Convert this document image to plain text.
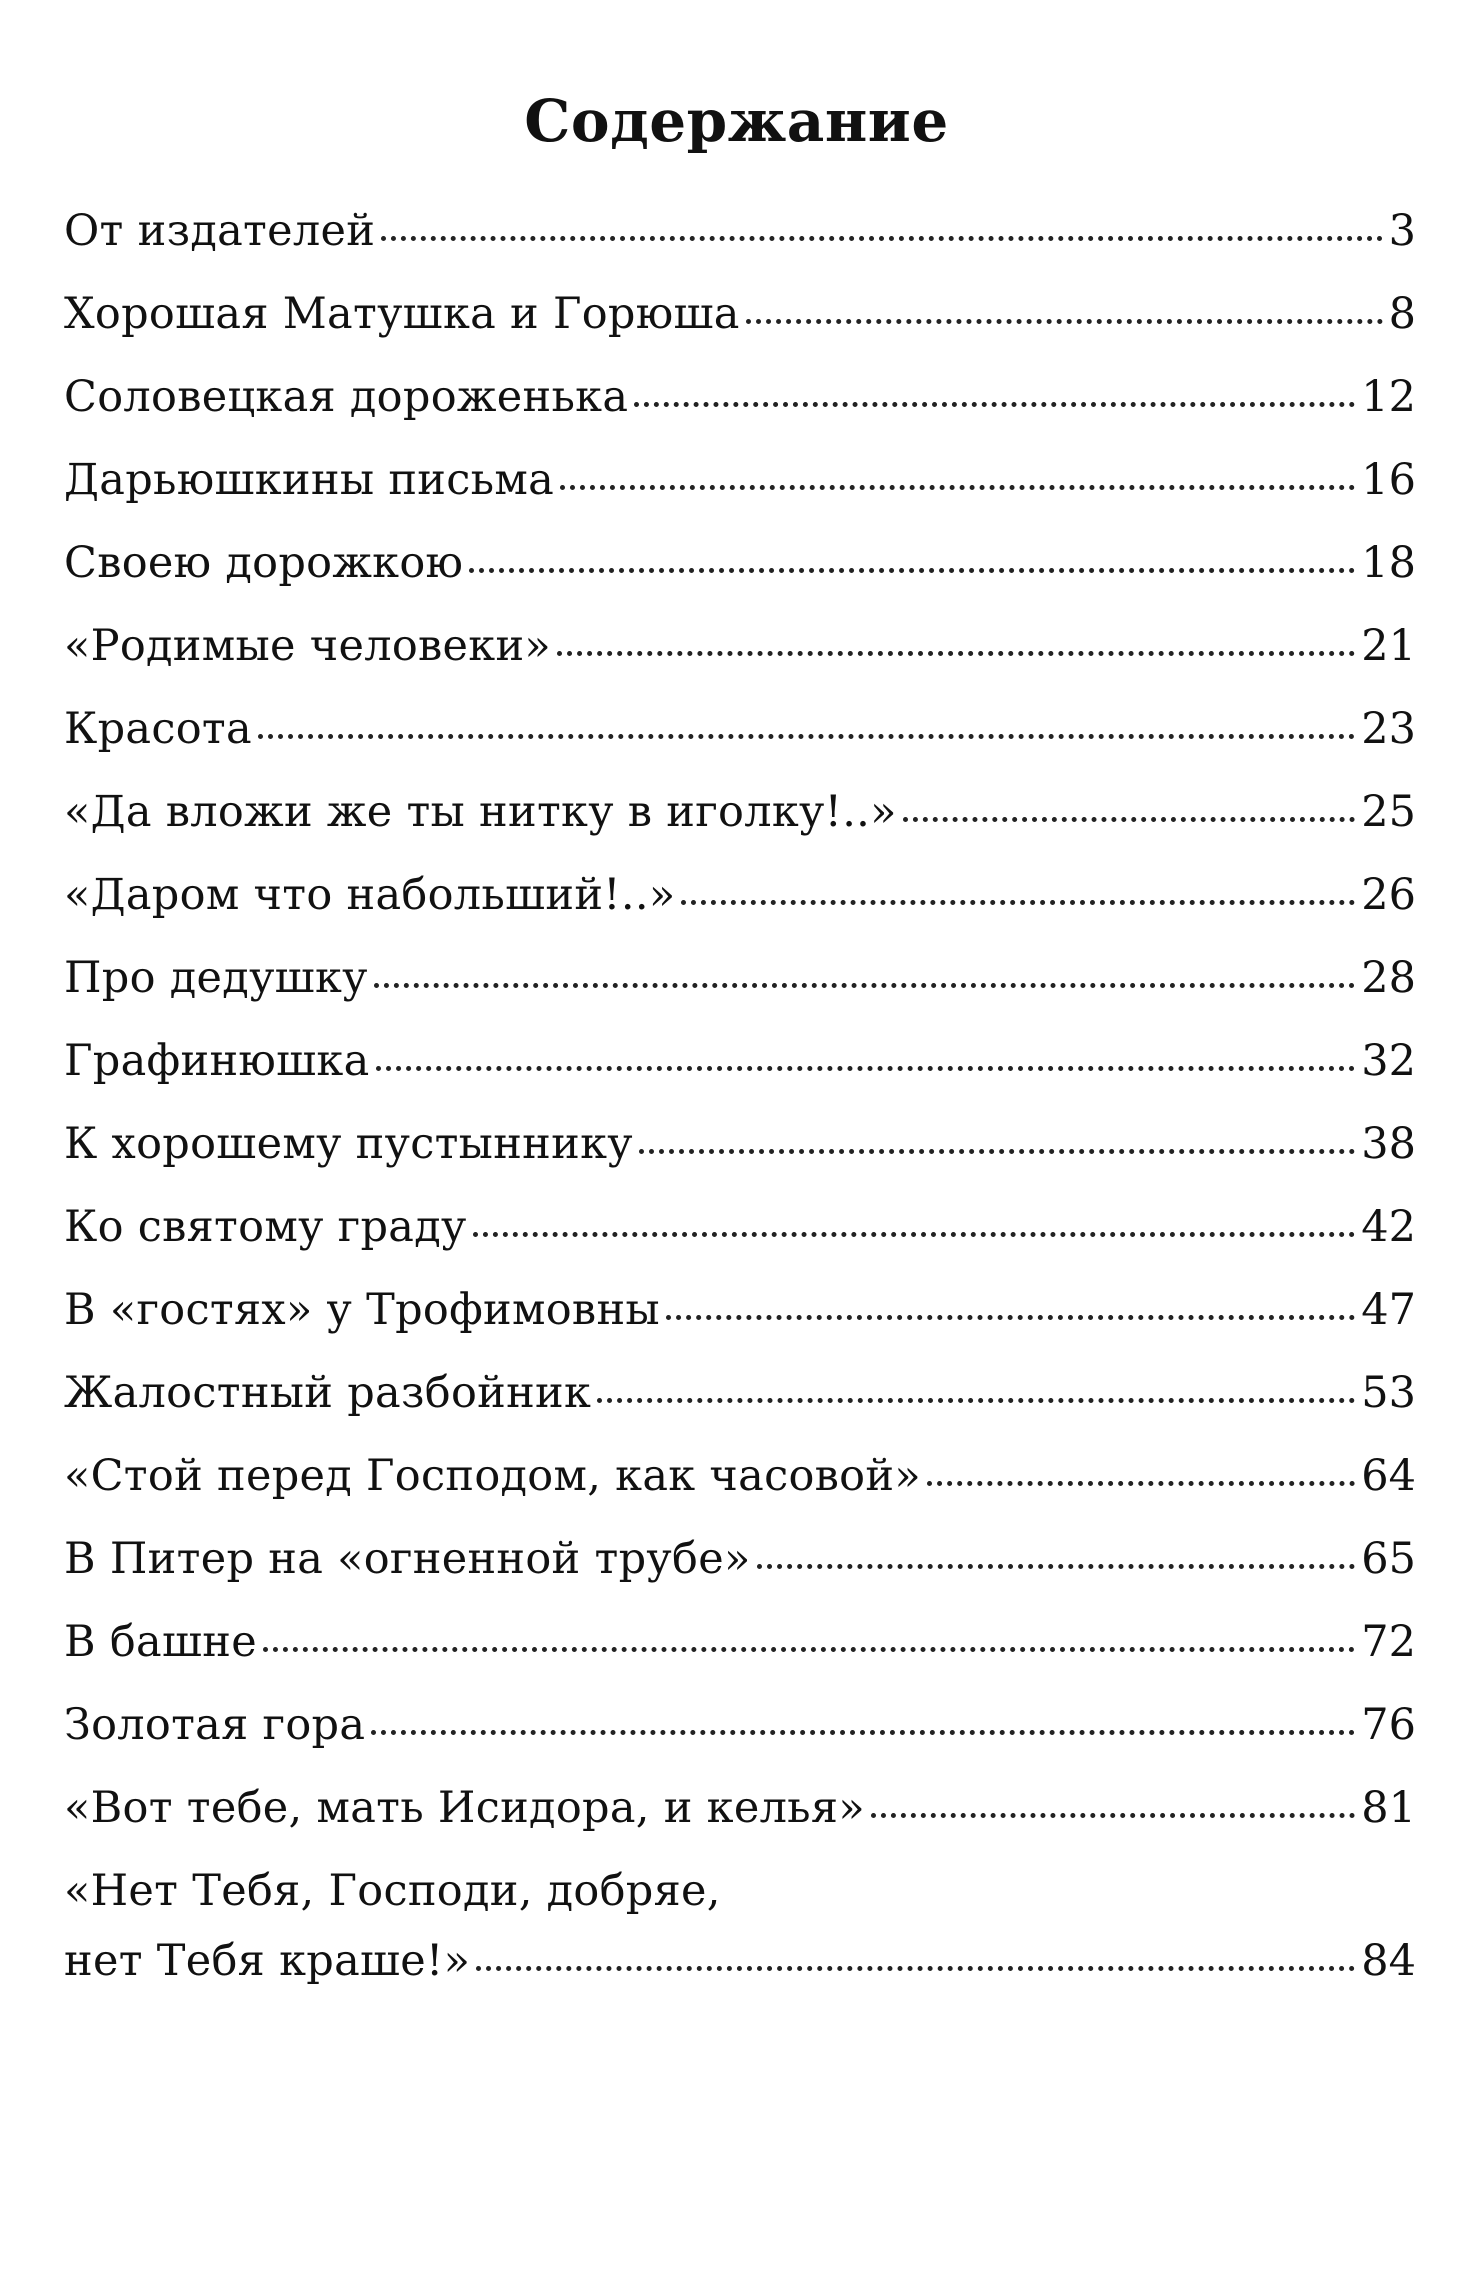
Содержание
От издателей	3
Хорошая Матушка и Горюша	8
Соловецкая дороженька	12
Дарьюшкины письма	16
Своею дорожкою	18
«Родимые человеки»	21
Красота	23
«Да вложи же ты нитку в иголку!..»	25
«Даром что набольший!..»	26
Про дедушку	28
Графинюшка	32
К хорошему пустыннику	38
Ко святому граду	42
В «гостях» у Трофимовны	47
Жалостный разбойник	53
«Стой перед Господом, как часовой»	64
В Питер на «огненной трубе»	65
В башне	72
Золотая гора	76
«Вот тебе, мать Исидора, и келья»	81
«Нет Тебя, Господи, добряе,
нет Тебя краше!»	84
